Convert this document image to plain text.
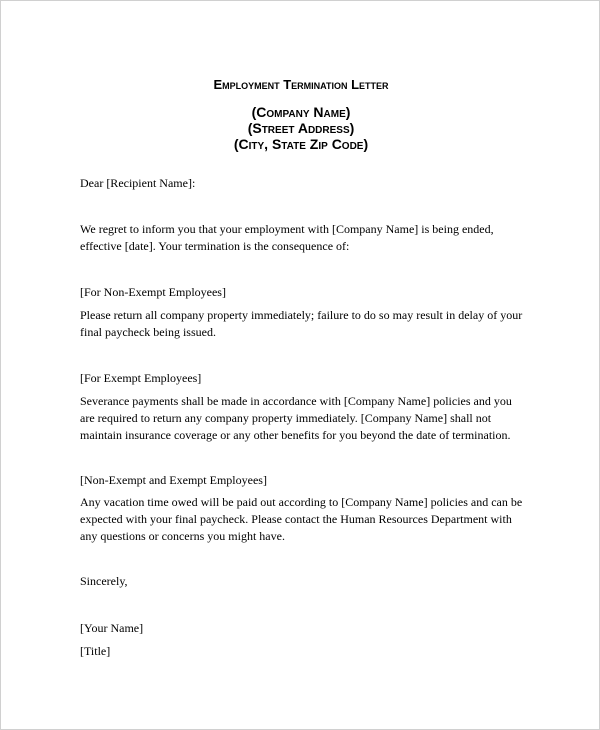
Employment Termination Letter
(Company Name)
(Street Address)
(City, State Zip Code)
Dear [Recipient Name]:
We regret to inform you that your employment with [Company Name] is being ended,
effective [date]. Your termination is the consequence of:
[For Non-Exempt Employees]
Please return all company property immediately; failure to do so may result in delay of your
final paycheck being issued.
[For Exempt Employees]
Severance payments shall be made in accordance with [Company Name] policies and you
are required to return any company property immediately. [Company Name] shall not
maintain insurance coverage or any other benefits for you beyond the date of termination.
[Non-Exempt and Exempt Employees]
Any vacation time owed will be paid out according to [Company Name] policies and can be
expected with your final paycheck. Please contact the Human Resources Department with
any questions or concerns you might have.
Sincerely,
[Your Name]
[Title]
